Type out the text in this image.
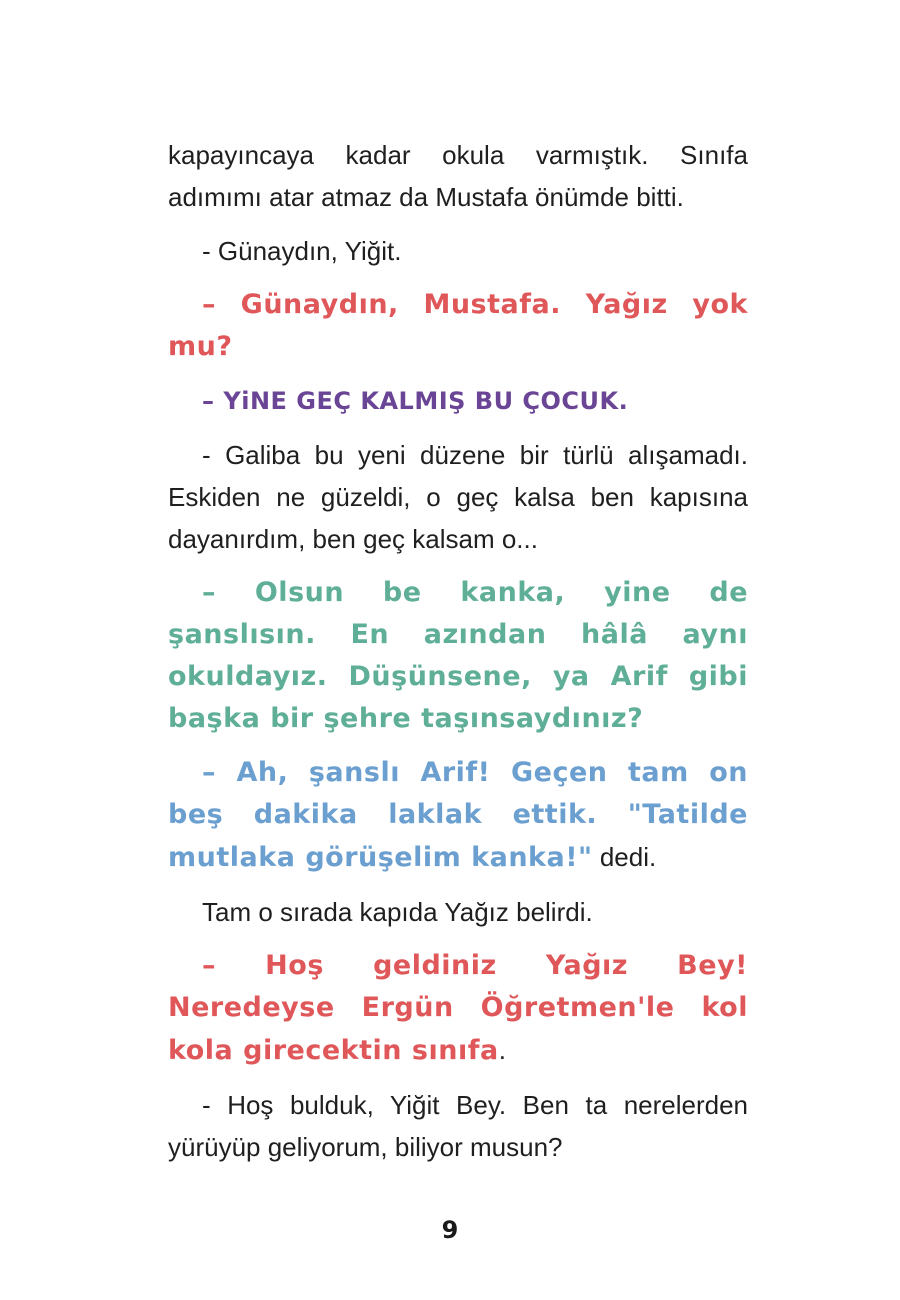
kapayıncaya kadar okula varmıştık. Sınıfa adımımı atar atmaz da Mustafa önümde bitti.

- Günaydın, Yiğit.

– Günaydın, Mustafa. Yağız yok mu?

– YiNE GEÇ KALMIŞ BU ÇOCUK.

- Galiba bu yeni düzene bir türlü alışamadı. Eskiden ne güzeldi, o geç kalsa ben kapısına dayanırdım, ben geç kalsam o...

– Olsun be kanka, yine de şanslısın. En azından hâlâ aynı okuldayız. Düşünsene, ya Arif gibi başka bir şehre taşınsaydınız?

– Ah, şanslı Arif! Geçen tam on beş dakika laklak ettik. "Tatilde mutlaka görüşelim kanka!" dedi.

Tam o sırada kapıda Yağız belirdi.

– Hoş geldiniz Yağız Bey! Neredeyse Ergün Öğretmen'le kol kola girecektin sınıfa.

- Hoş bulduk, Yiğit Bey. Ben ta nerelerden yürüyüp geliyorum, biliyor musun?

9
